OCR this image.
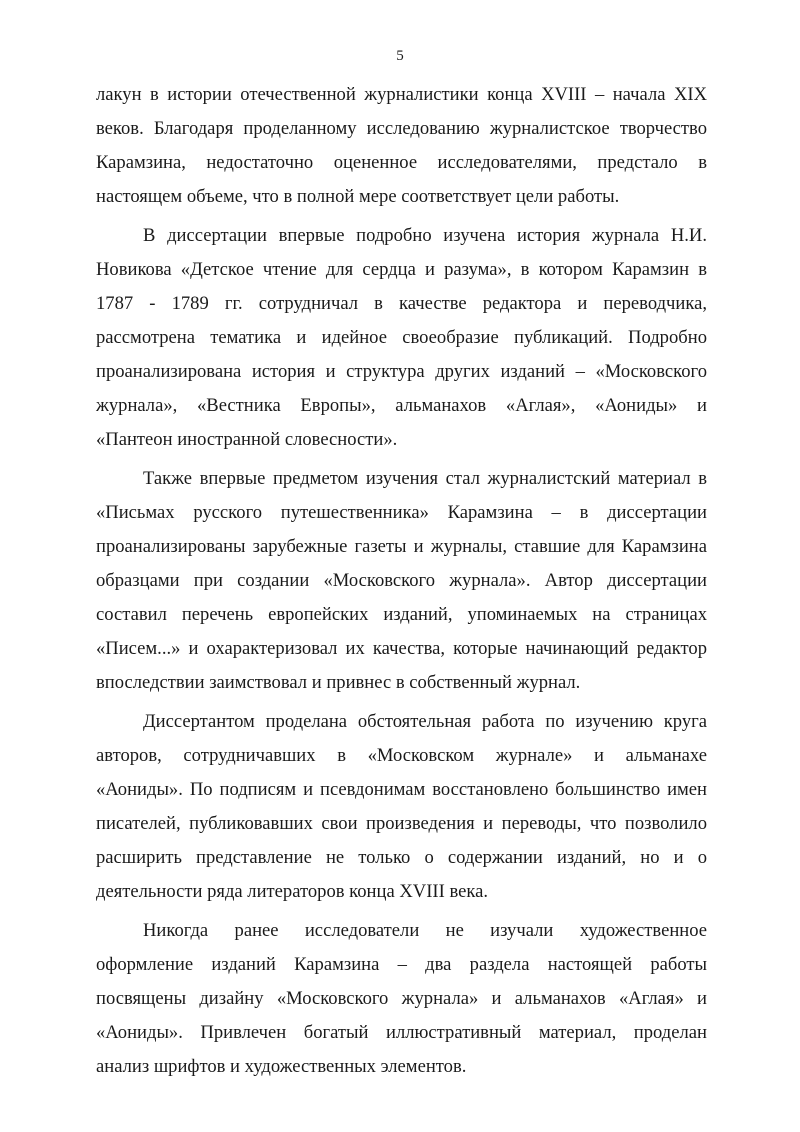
5
лакун в истории отечественной журналистики конца XVIII – начала XIX
веков. Благодаря проделанному исследованию журналистское творчество
Карамзина, недостаточно оцененное исследователями, предстало в
настоящем объеме, что в полной мере соответствует цели работы.
В диссертации впервые подробно изучена история журнала Н.И.
Новикова «Детское чтение для сердца и разума», в котором Карамзин в
1787 - 1789 гг. сотрудничал в качестве редактора и переводчика,
рассмотрена тематика и идейное своеобразие публикаций. Подробно
проанализирована история и структура других изданий – «Московского
журнала», «Вестника Европы», альманахов «Аглая», «Аониды» и
«Пантеон иностранной словесности».
Также впервые предметом изучения стал журналистский материал в
«Письмах русского путешественника» Карамзина – в диссертации
проанализированы зарубежные газеты и журналы, ставшие для Карамзина
образцами при создании «Московского журнала». Автор диссертации
составил перечень европейских изданий, упоминаемых на страницах
«Писем...» и охарактеризовал их качества, которые начинающий редактор
впоследствии заимствовал и привнес в собственный журнал.
Диссертантом проделана обстоятельная работа по изучению круга
авторов, сотрудничавших в «Московском журнале» и альманахе
«Аониды». По подписям и псевдонимам восстановлено большинство имен
писателей, публиковавших свои произведения и переводы, что позволило
расширить представление не только о содержании изданий, но и о
деятельности ряда литераторов конца XVIII века.
Никогда ранее исследователи не изучали художественное
оформление изданий Карамзина – два раздела настоящей работы
посвящены дизайну «Московского журнала» и альманахов «Аглая» и
«Аониды». Привлечен богатый иллюстративный материал, проделан
анализ шрифтов и художественных элементов.
